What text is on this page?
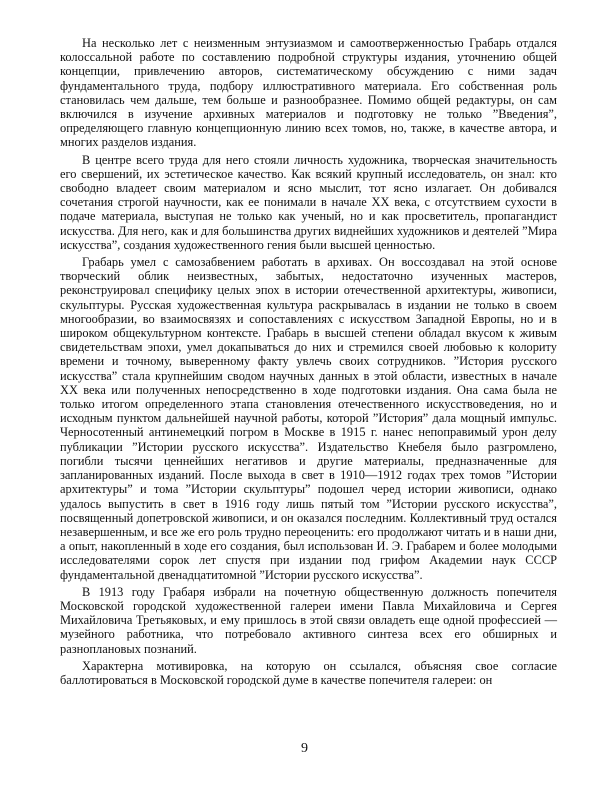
На несколько лет с неизменным энтузиазмом и самоотверженностью Грабарь отдался колоссальной работе по составлению подробной структуры издания, уточнению общей концепции, привлечению авторов, систематическому обсуждению с ними задач фундаментального труда, подбору иллюстративного материала. Его собственная роль становилась чем дальше, тем больше и разнообразнее. Помимо общей редактуры, он сам включился в изучение архивных материалов и подготовку не только ”Введения”, определяющего главную концепционную линию всех томов, но, также, в качестве автора, и многих разделов издания.

В центре всего труда для него стояли личность художника, творческая значительность его свершений, их эстетическое качество. Как всякий крупный исследователь, он знал: кто свободно владеет своим материалом и ясно мыслит, тот ясно излагает. Он добивался сочетания строгой научности, как ее понимали в начале XX века, с отсутствием сухости в подаче материала, выступая не только как ученый, но и как просветитель, пропагандист искусства. Для него, как и для большинства других виднейших художников и деятелей ”Мира искусства”, создания художественного гения были высшей ценностью.

Грабарь умел с самозабвением работать в архивах. Он воссоздавал на этой основе творческий облик неизвестных, забытых, недостаточно изученных мастеров, реконструировал специфику целых эпох в истории отечественной архитектуры, живописи, скульптуры. Русская художественная культура раскрывалась в издании не только в своем многообразии, во взаимосвязях и сопоставлениях с искусством Западной Европы, но и в широком общекультурном контексте. Грабарь в высшей степени обладал вкусом к живым свидетельствам эпохи, умел докапываться до них и стремился своей любовью к колориту времени и точному, выверенному факту увлечь своих сотрудников. ”История русского искусства” стала крупнейшим сводом научных данных в этой области, известных в начале XX века или полученных непосредственно в ходе подготовки издания. Она сама была не только итогом определенного этапа становления отечественного искусствоведения, но и исходным пунктом дальнейшей научной работы, которой ”История” дала мощный импульс. Черносотенный антинемецкий погром в Москве в 1915 г. нанес непоправимый урон делу публикации ”Истории русского искусства”. Издательство Кнебеля было разгромлено, погибли тысячи ценнейших негативов и другие материалы, предназначенные для запланированных изданий. После выхода в свет в 1910—1912 годах трех томов ”Истории архитектуры” и тома ”Истории скульптуры” подошел черед истории живописи, однако удалось выпустить в свет в 1916 году лишь пятый том ”Истории русского искусства”, посвященный допетровской живописи, и он оказался последним. Коллективный труд остался незавершенным, и все же его роль трудно переоценить: его продолжают читать и в наши дни, а опыт, накопленный в ходе его создания, был использован И. Э. Грабарем и более молодыми исследователями сорок лет спустя при издании под грифом Академии наук СССР фундаментальной двенадцатитомной ”Истории русского искусства”.

В 1913 году Грабаря избрали на почетную общественную должность попечителя Московской городской художественной галереи имени Павла Михайловича и Сергея Михайловича Третьяковых, и ему пришлось в этой связи овладеть еще одной профессией — музейного работника, что потребовало активного синтеза всех его обширных и разноплановых познаний.

Характерна мотивировка, на которую он ссылался, объясняя свое согласие баллотироваться в Московской городской думе в качестве попечителя галереи: он

9
